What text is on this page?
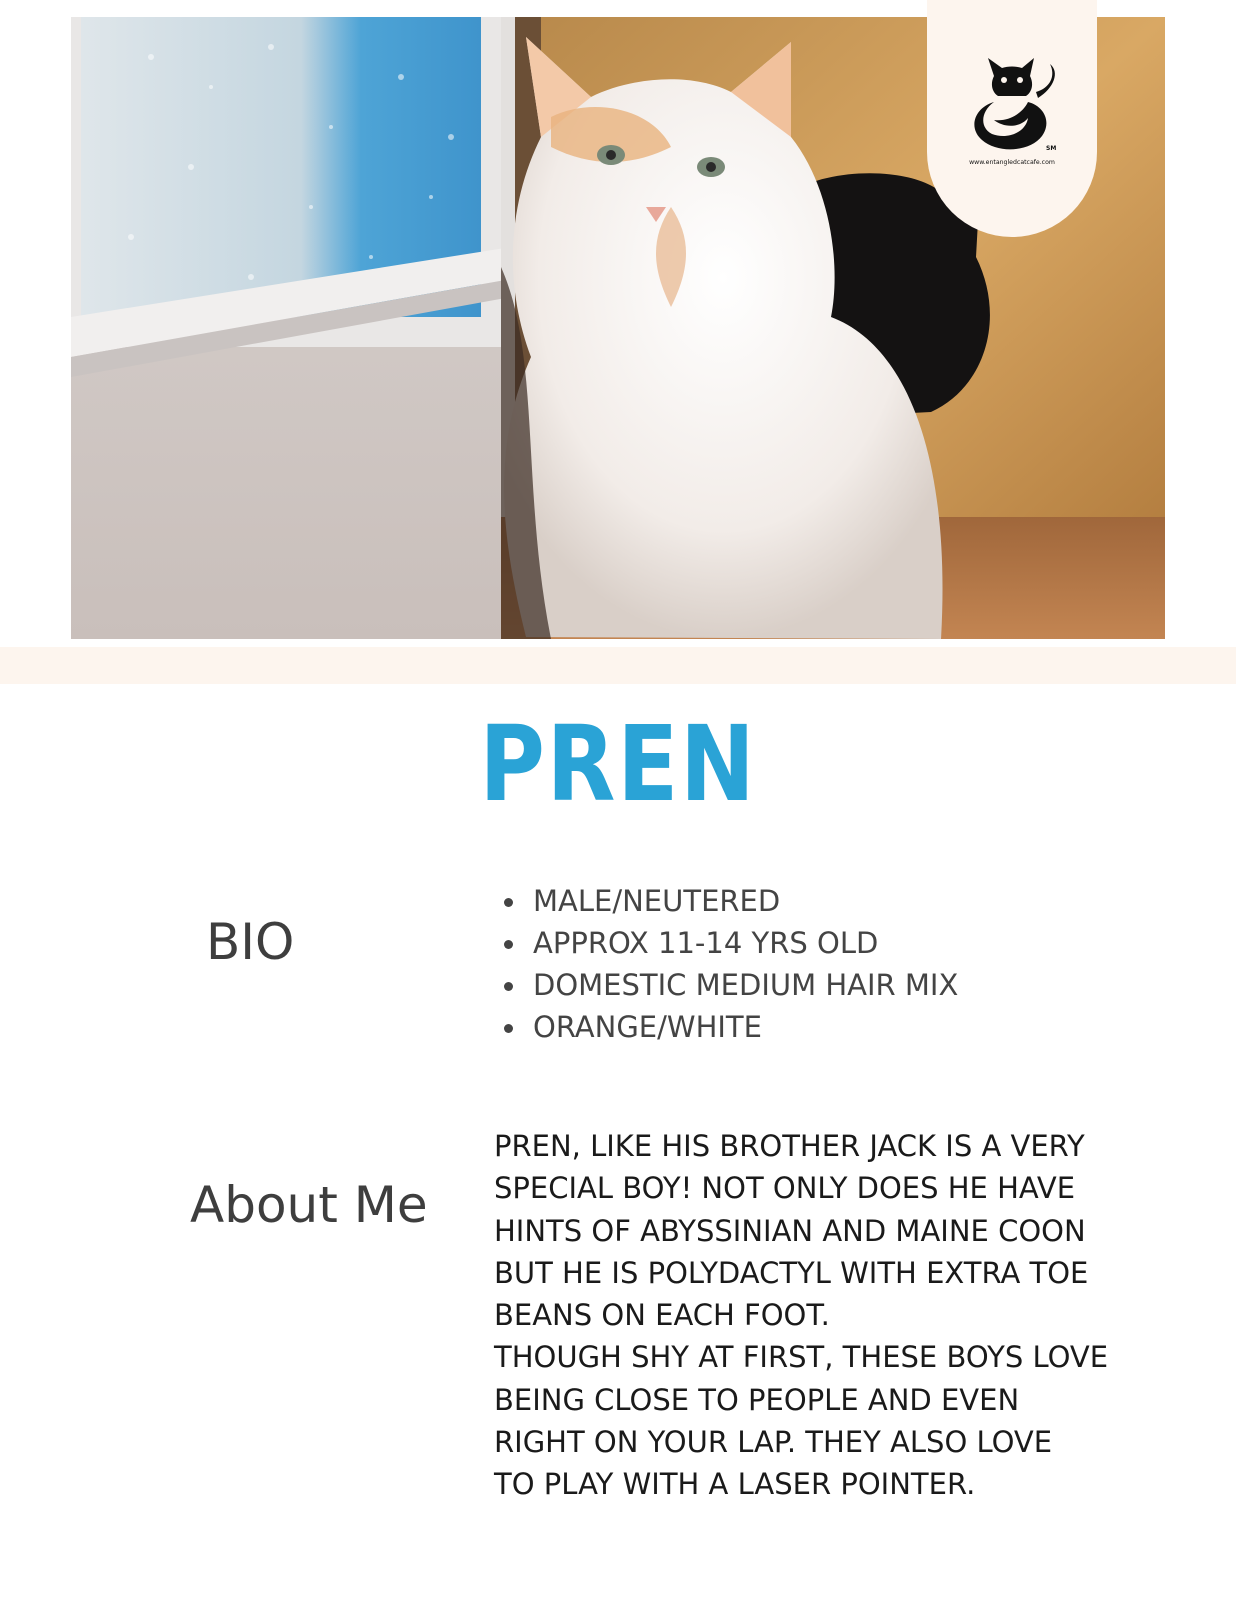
SM
www.entangledcatcafe.com
PREN
BIO
MALE/NEUTERED
APPROX 11-14 YRS OLD
DOMESTIC MEDIUM HAIR MIX
ORANGE/WHITE
About Me
PREN, LIKE HIS BROTHER JACK IS A VERY
SPECIAL BOY! NOT ONLY DOES HE HAVE
HINTS OF ABYSSINIAN AND MAINE COON
BUT HE IS POLYDACTYL WITH EXTRA TOE
BEANS ON EACH FOOT.
THOUGH SHY AT FIRST, THESE BOYS LOVE
BEING CLOSE TO PEOPLE AND EVEN
RIGHT ON YOUR LAP. THEY ALSO LOVE
TO PLAY WITH A LASER POINTER.
